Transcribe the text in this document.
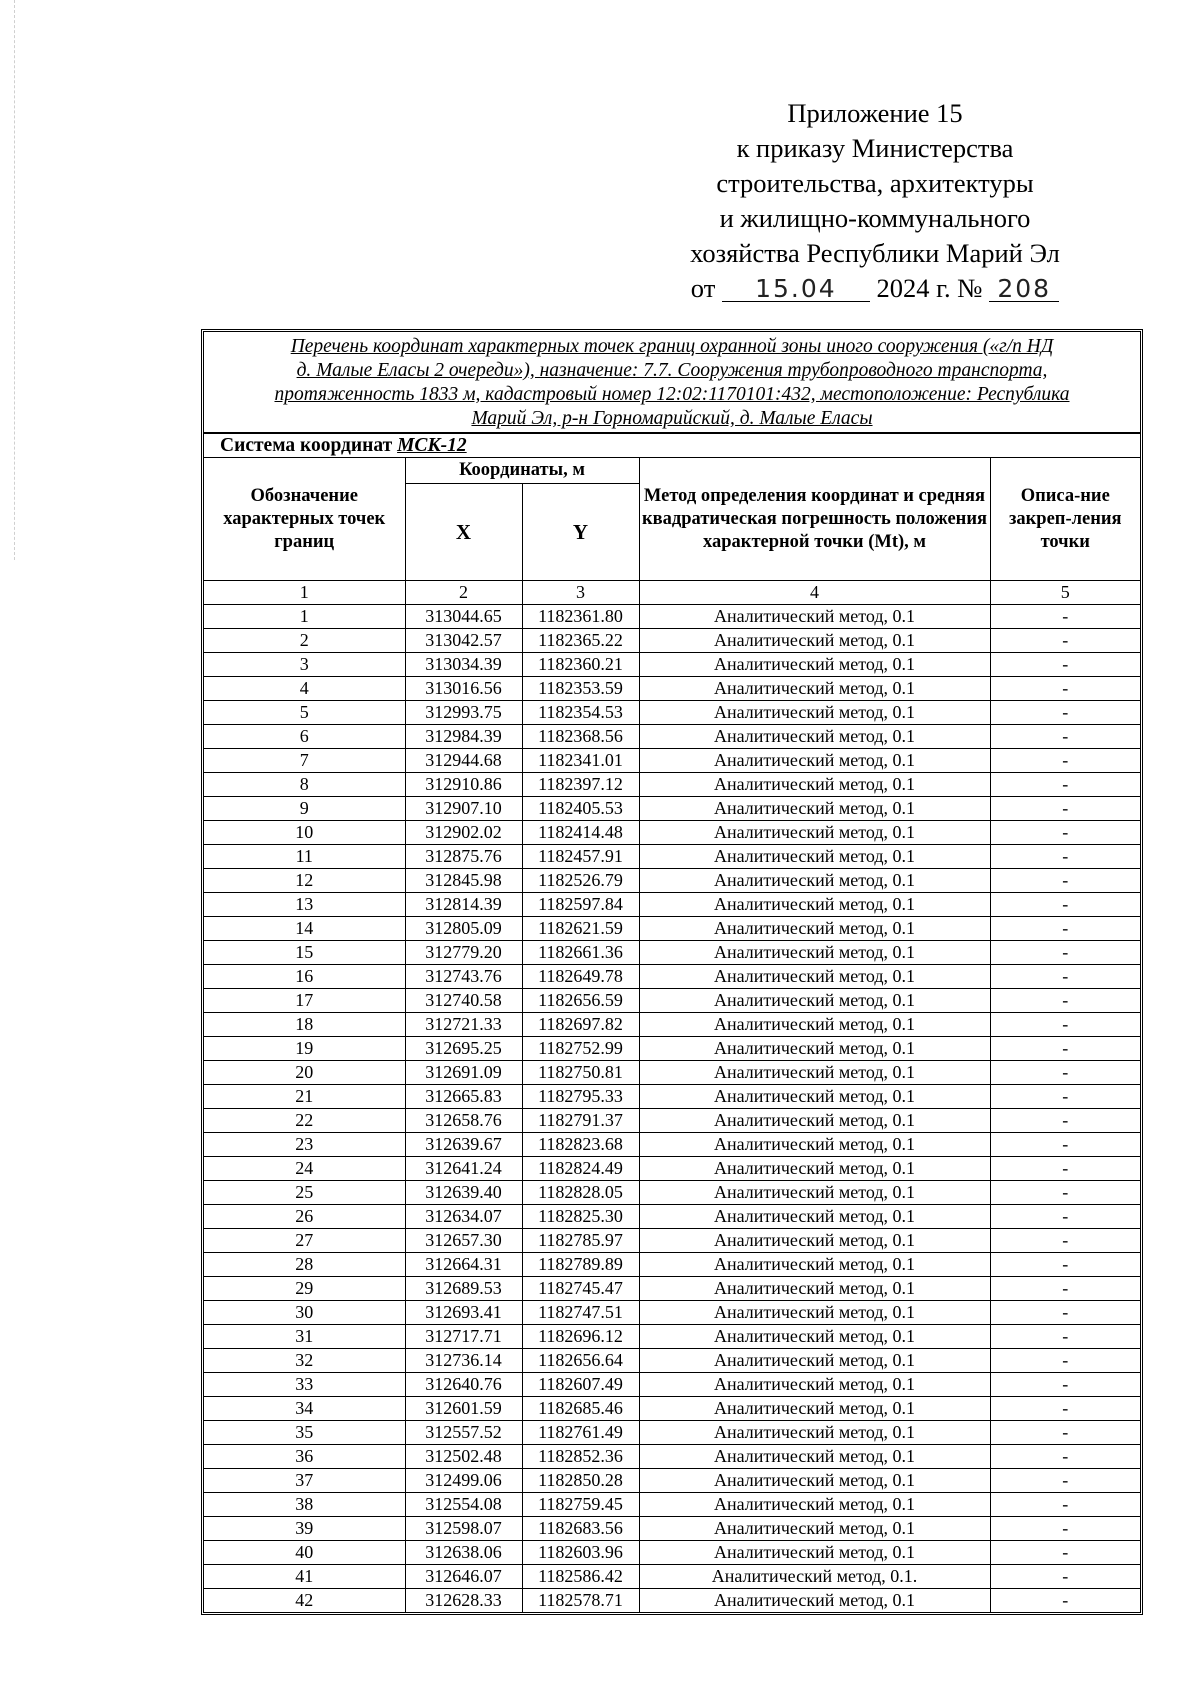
Приложение 15
к приказу Министерства
строительства, архитектуры
и жилищно-коммунального
хозяйства Республики Марий Эл
от 15.04 2024 г. № 208
Перечень координат характерных точек границ охранной зоны иного сооружения («г/п НД
д. Малые Еласы 2 очереди»), назначение: 7.7. Сооружения трубопроводного транспорта,
протяженность 1833 м, кадастровый номер 12:02:1170101:432, местоположение: Республика
Марий Эл, р-н Горномарийский, д. Малые Еласы
Система координат МСК-12
Обозначение характерных точек границ	Координаты, м		Метод определения координат и средняя квадратическая погрешность положения характерной точки (Mt), м	Описа-ние закреп-ления точки
	X	Y		
1	2	3	4	5
1	313044.65	1182361.80	Аналитический метод, 0.1	-
2	313042.57	1182365.22	Аналитический метод, 0.1	-
3	313034.39	1182360.21	Аналитический метод, 0.1	-
4	313016.56	1182353.59	Аналитический метод, 0.1	-
5	312993.75	1182354.53	Аналитический метод, 0.1	-
6	312984.39	1182368.56	Аналитический метод, 0.1	-
7	312944.68	1182341.01	Аналитический метод, 0.1	-
8	312910.86	1182397.12	Аналитический метод, 0.1	-
9	312907.10	1182405.53	Аналитический метод, 0.1	-
10	312902.02	1182414.48	Аналитический метод, 0.1	-
11	312875.76	1182457.91	Аналитический метод, 0.1	-
12	312845.98	1182526.79	Аналитический метод, 0.1	-
13	312814.39	1182597.84	Аналитический метод, 0.1	-
14	312805.09	1182621.59	Аналитический метод, 0.1	-
15	312779.20	1182661.36	Аналитический метод, 0.1	-
16	312743.76	1182649.78	Аналитический метод, 0.1	-
17	312740.58	1182656.59	Аналитический метод, 0.1	-
18	312721.33	1182697.82	Аналитический метод, 0.1	-
19	312695.25	1182752.99	Аналитический метод, 0.1	-
20	312691.09	1182750.81	Аналитический метод, 0.1	-
21	312665.83	1182795.33	Аналитический метод, 0.1	-
22	312658.76	1182791.37	Аналитический метод, 0.1	-
23	312639.67	1182823.68	Аналитический метод, 0.1	-
24	312641.24	1182824.49	Аналитический метод, 0.1	-
25	312639.40	1182828.05	Аналитический метод, 0.1	-
26	312634.07	1182825.30	Аналитический метод, 0.1	-
27	312657.30	1182785.97	Аналитический метод, 0.1	-
28	312664.31	1182789.89	Аналитический метод, 0.1	-
29	312689.53	1182745.47	Аналитический метод, 0.1	-
30	312693.41	1182747.51	Аналитический метод, 0.1	-
31	312717.71	1182696.12	Аналитический метод, 0.1	-
32	312736.14	1182656.64	Аналитический метод, 0.1	-
33	312640.76	1182607.49	Аналитический метод, 0.1	-
34	312601.59	1182685.46	Аналитический метод, 0.1	-
35	312557.52	1182761.49	Аналитический метод, 0.1	-
36	312502.48	1182852.36	Аналитический метод, 0.1	-
37	312499.06	1182850.28	Аналитический метод, 0.1	-
38	312554.08	1182759.45	Аналитический метод, 0.1	-
39	312598.07	1182683.56	Аналитический метод, 0.1	-
40	312638.06	1182603.96	Аналитический метод, 0.1	-
41	312646.07	1182586.42	Аналитический метод, 0.1.	-
42	312628.33	1182578.71	Аналитический метод, 0.1	-
